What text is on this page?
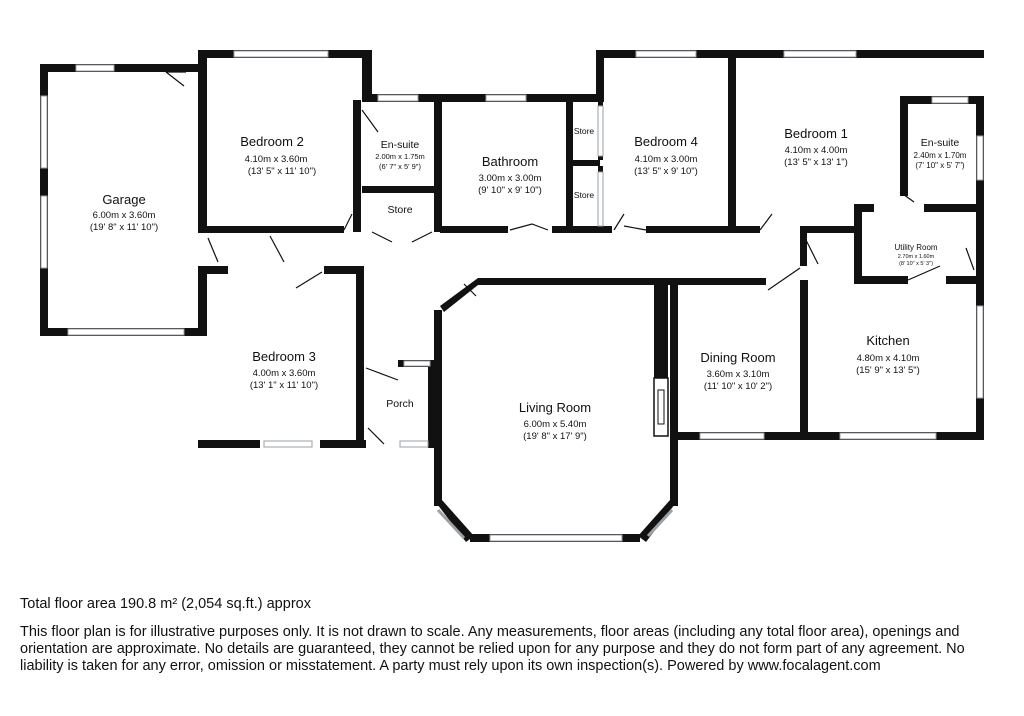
Garage
6.00m x 3.60m
(19' 8" x 11' 10")
Bedroom 2
4.10m x 3.60m
(13' 5" x 11' 10")
En-suite
2.00m x 1.75m
(6' 7" x 5' 9")
Store
Bathroom
3.00m x 3.00m
(9' 10" x 9' 10")
Store
Store
Bedroom 4
4.10m x 3.00m
(13' 5" x 9' 10")
Bedroom 1
4.10m x 4.00m
(13' 5" x 13' 1")
En-suite
2.40m x 1.70m
(7' 10" x 5' 7")
Utility Room
2.70m x 1.60m
(8' 10" x 5' 3")
Bedroom 3
4.00m x 3.60m
(13' 1" x 11' 10")
Porch	Living Room
6.00m x 5.40m
(19' 8" x 17' 9")
Dining Room
3.60m x 3.10m
(11' 10" x 10' 2")
Kitchen
4.80m x 4.10m
(15' 9" x 13' 5")

Total floor area 190.8 m² (2,054 sq.ft.) approx

This floor plan is for illustrative purposes only. It is not drawn to scale. Any measurements, floor areas (including any total floor area), openings and orientation are approximate. No details are guaranteed, they cannot be relied upon for any purpose and they do not form part of any agreement. No liability is taken for any error, omission or misstatement. A party must rely upon its own inspection(s). Powered by www.focalagent.com
